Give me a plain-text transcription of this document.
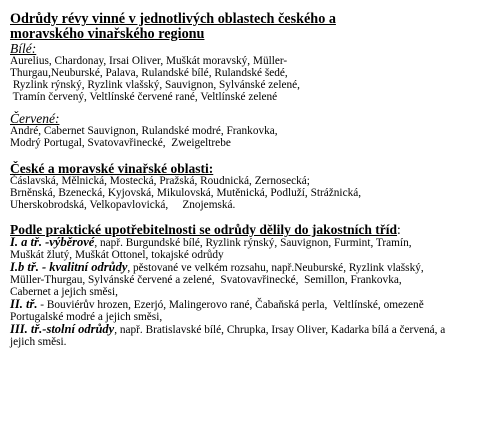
Odrůdy révy vinné v jednotlivých oblastech českého a

moravského vinařského regionu

Bílé:

Aurelius, Chardonay, Irsai Oliver, Muškát moravský, Müller-

Thurgau,Neuburské, Palava, Rulandské bílé, Rulandské šedé,

Ryzlink rýnský, Ryzlink vlašský, Sauvignon, Sylvánské zelené,

Tramín červený, Veltlínské červené rané, Veltlínské zelené

Červené:

André, Cabernet Sauvignon, Rulandské modré, Frankovka,

Modrý Portugal, Svatovavřinecké,  Zweigeltrebe

České a moravské vinařské oblasti:

Čáslavská, Mělnická, Mostecká, Pražská, Roudnická, Zernosecká;

Brněnská, Bzenecká, Kyjovská, Mikulovská, Mutěnická, Podluží, Strážnická,

Uherskobrodská, Velkopavlovická,     Znojemská.

Podle praktické upotřebitelnosti se odrůdy dělily do jakostních tříd:

I. a tř. -výběrové, např. Burgundské bílé, Ryzlink rýnský, Sauvignon, Furmint, Tramín,

Muškát žlutý, Muškát Ottonel, tokajské odrůdy

I.b tř. - kvalitní odrůdy, pěstované ve velkém rozsahu, např.Neuburské, Ryzlink vlašský,

Müller-Thurgau, Sylvánské červené a zelené,  Svatovavřinecké,  Semillon, Frankovka,

Cabernet a jejich směsi,

II. tř. - Bouviérův hrozen, Ezerjó, Malingerovo rané, Čabaňská perla,  Veltlínské, omezeně

Portugalské modré a jejich směsi,

III. tř.-stolní odrůdy, např. Bratislavské bílé, Chrupka, Irsay Oliver, Kadarka bílá a červená, a

jejich směsi.
